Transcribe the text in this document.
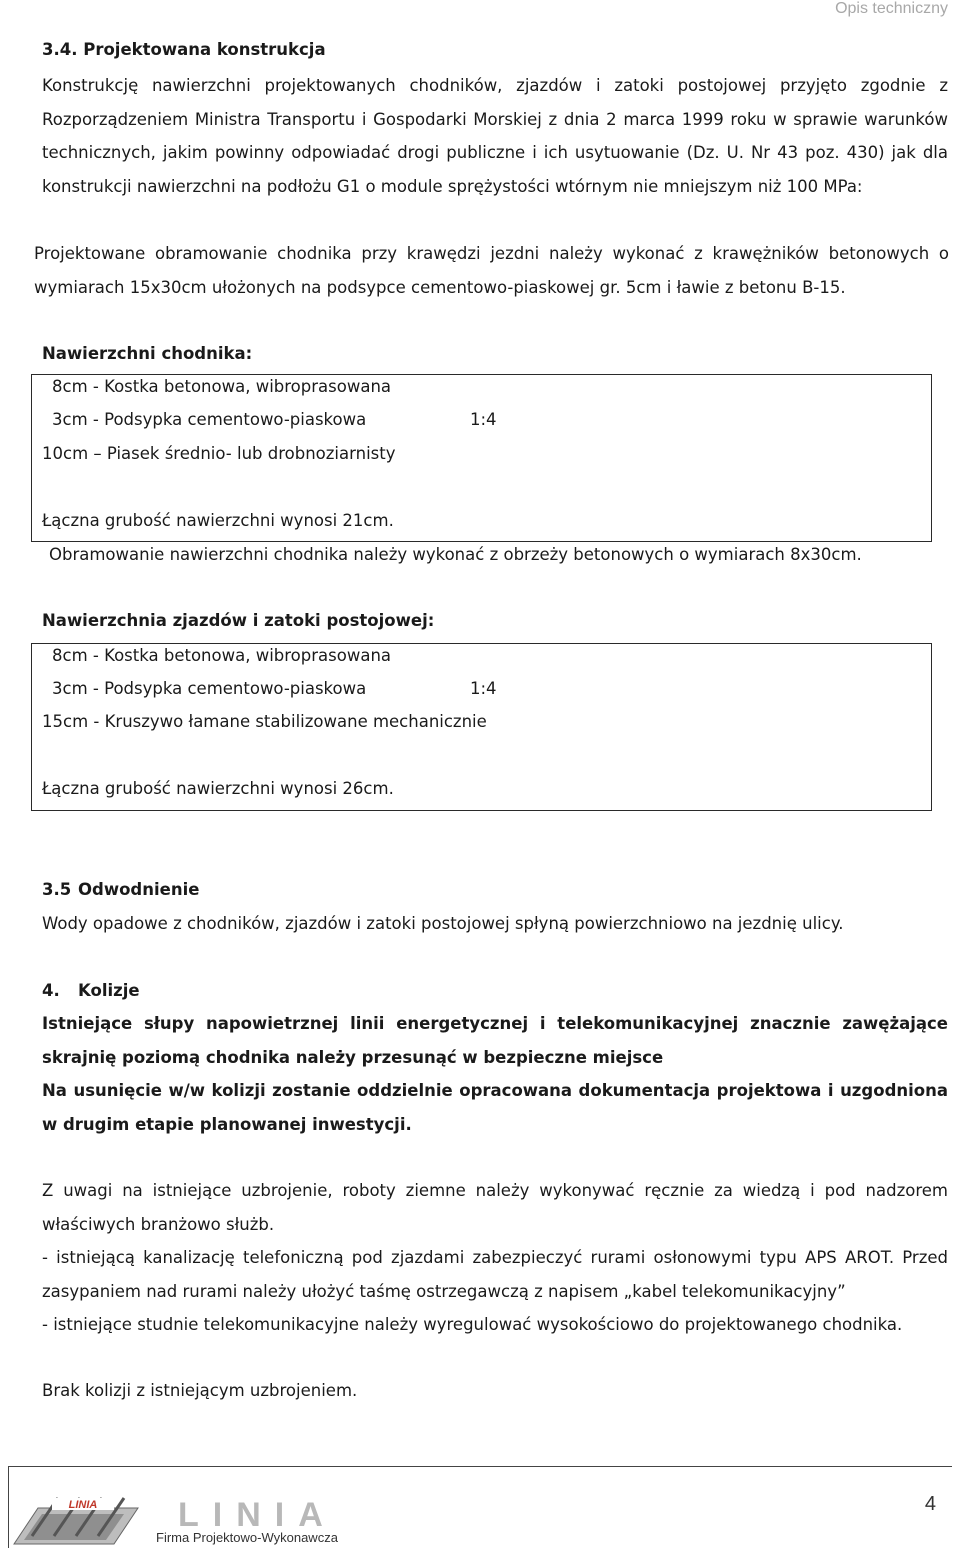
Opis techniczny
3.4. Projektowana konstrukcja

Konstrukcję nawierzchni projektowanych chodników, zjazdów i zatoki postojowej przyjęto zgodnie z Rozporządzeniem Ministra Transportu i Gospodarki Morskiej z dnia 2 marca 1999 roku w sprawie warunków technicznych, jakim powinny odpowiadać drogi publiczne i ich usytuowanie (Dz. U. Nr 43 poz. 430) jak dla konstrukcji nawierzchni na podłożu G1 o module sprężystości wtórnym nie mniejszym niż 100 MPa:

Projektowane obramowanie chodnika przy krawędzi jezdni należy wykonać z krawężników betonowych o wymiarach 15x30cm ułożonych na podsypce cementowo-piaskowej gr. 5cm i ławie z betonu B-15.

Nawierzchni chodnika:
8cm - Kostka betonowa, wibroprasowana
3cm - Podsypka cementowo-piaskowa	1:4
10cm – Piasek średnio- lub drobnoziarnisty
Łączna grubość nawierzchni wynosi 21cm.
Obramowanie nawierzchni chodnika należy wykonać z obrzeży betonowych o wymiarach 8x30cm.
Nawierzchnia zjazdów i zatoki postojowej:
8cm - Kostka betonowa, wibroprasowana
3cm - Podsypka cementowo-piaskowa	1:4
15cm - Kruszywo łamane stabilizowane mechanicznie
Łączna grubość nawierzchni wynosi 26cm.
3.5 Odwodnienie
Wody opadowe z chodników, zjazdów i zatoki postojowej spłyną powierzchniowo na jezdnię ulicy.
4. Kolizje

Istniejące słupy napowietrznej linii energetycznej i telekomunikacyjnej znacznie zawężające skrajnię poziomą chodnika należy przesunąć w bezpieczne miejsce

Na usunięcie w/w kolizji zostanie oddzielnie opracowana dokumentacja projektowa i uzgodniona w drugim etapie planowanej inwestycji.

Z uwagi na istniejące uzbrojenie, roboty ziemne należy wykonywać ręcznie za wiedzą i pod nadzorem właściwych branżowo służb.

- istniejącą kanalizację telefoniczną pod zjazdami zabezpieczyć rurami osłonowymi typu APS AROT. Przed zasypaniem nad rurami należy ułożyć taśmę ostrzegawczą z napisem „kabel telekomunikacyjny”

- istniejące studnie telekomunikacyjne należy wyregulować wysokościowo do projektowanego chodnika.

Brak kolizji z istniejącym uzbrojeniem.

LINIA LINIA
Firma Projektowo-Wykonawcza
4
